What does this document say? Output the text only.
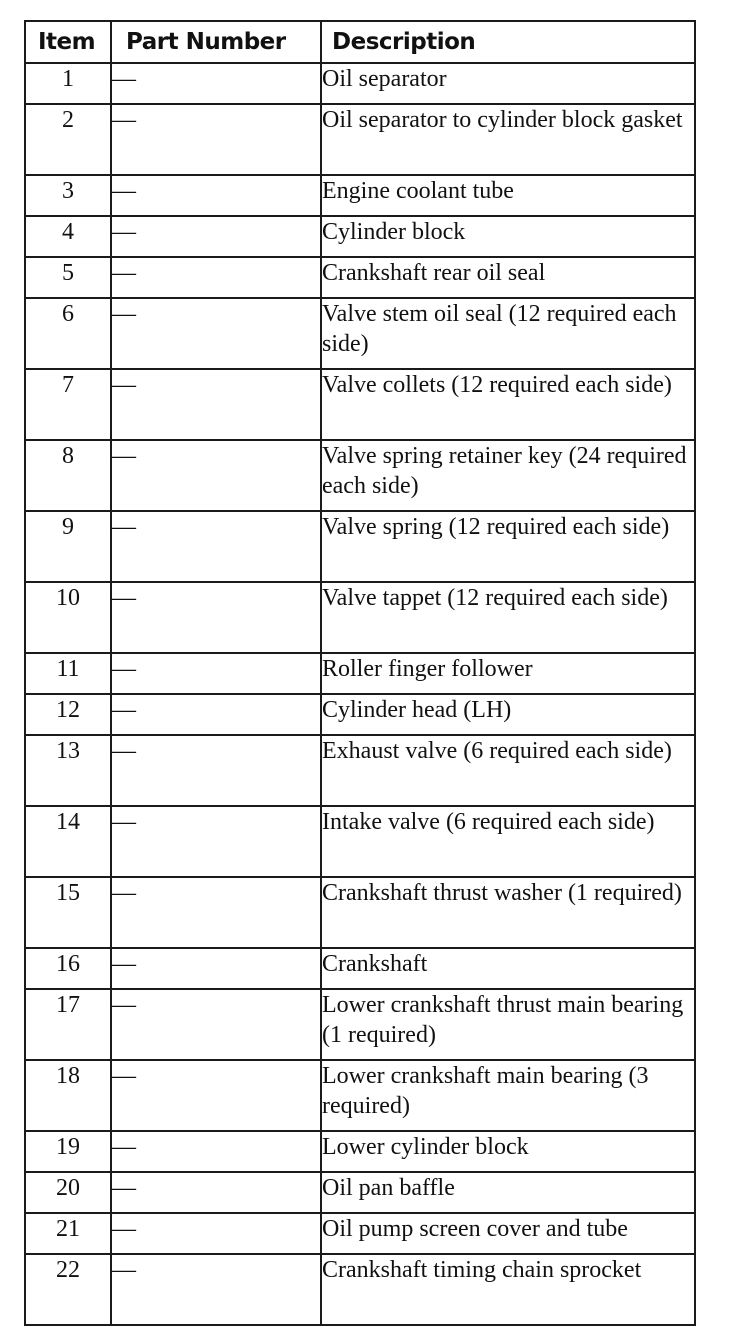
Item	Part Number	Description
1	—	Oil separator
2	—	Oil separator to cylinder block gasket
3	—	Engine coolant tube
4	—	Cylinder block
5	—	Crankshaft rear oil seal
6	—	Valve stem oil seal (12 required each side)
7	—	Valve collets (12 required each side)
8	—	Valve spring retainer key (24 required each side)
9	—	Valve spring (12 required each side)
10	—	Valve tappet (12 required each side)
11	—	Roller finger follower
12	—	Cylinder head (LH)
13	—	Exhaust valve (6 required each side)
14	—	Intake valve (6 required each side)
15	—	Crankshaft thrust washer (1 required)
16	—	Crankshaft
17	—	Lower crankshaft thrust main bearing (1 required)
18	—	Lower crankshaft main bearing (3 required)
19	—	Lower cylinder block
20	—	Oil pan baffle
21	—	Oil pump screen cover and tube
22	—	Crankshaft timing chain sprocket
